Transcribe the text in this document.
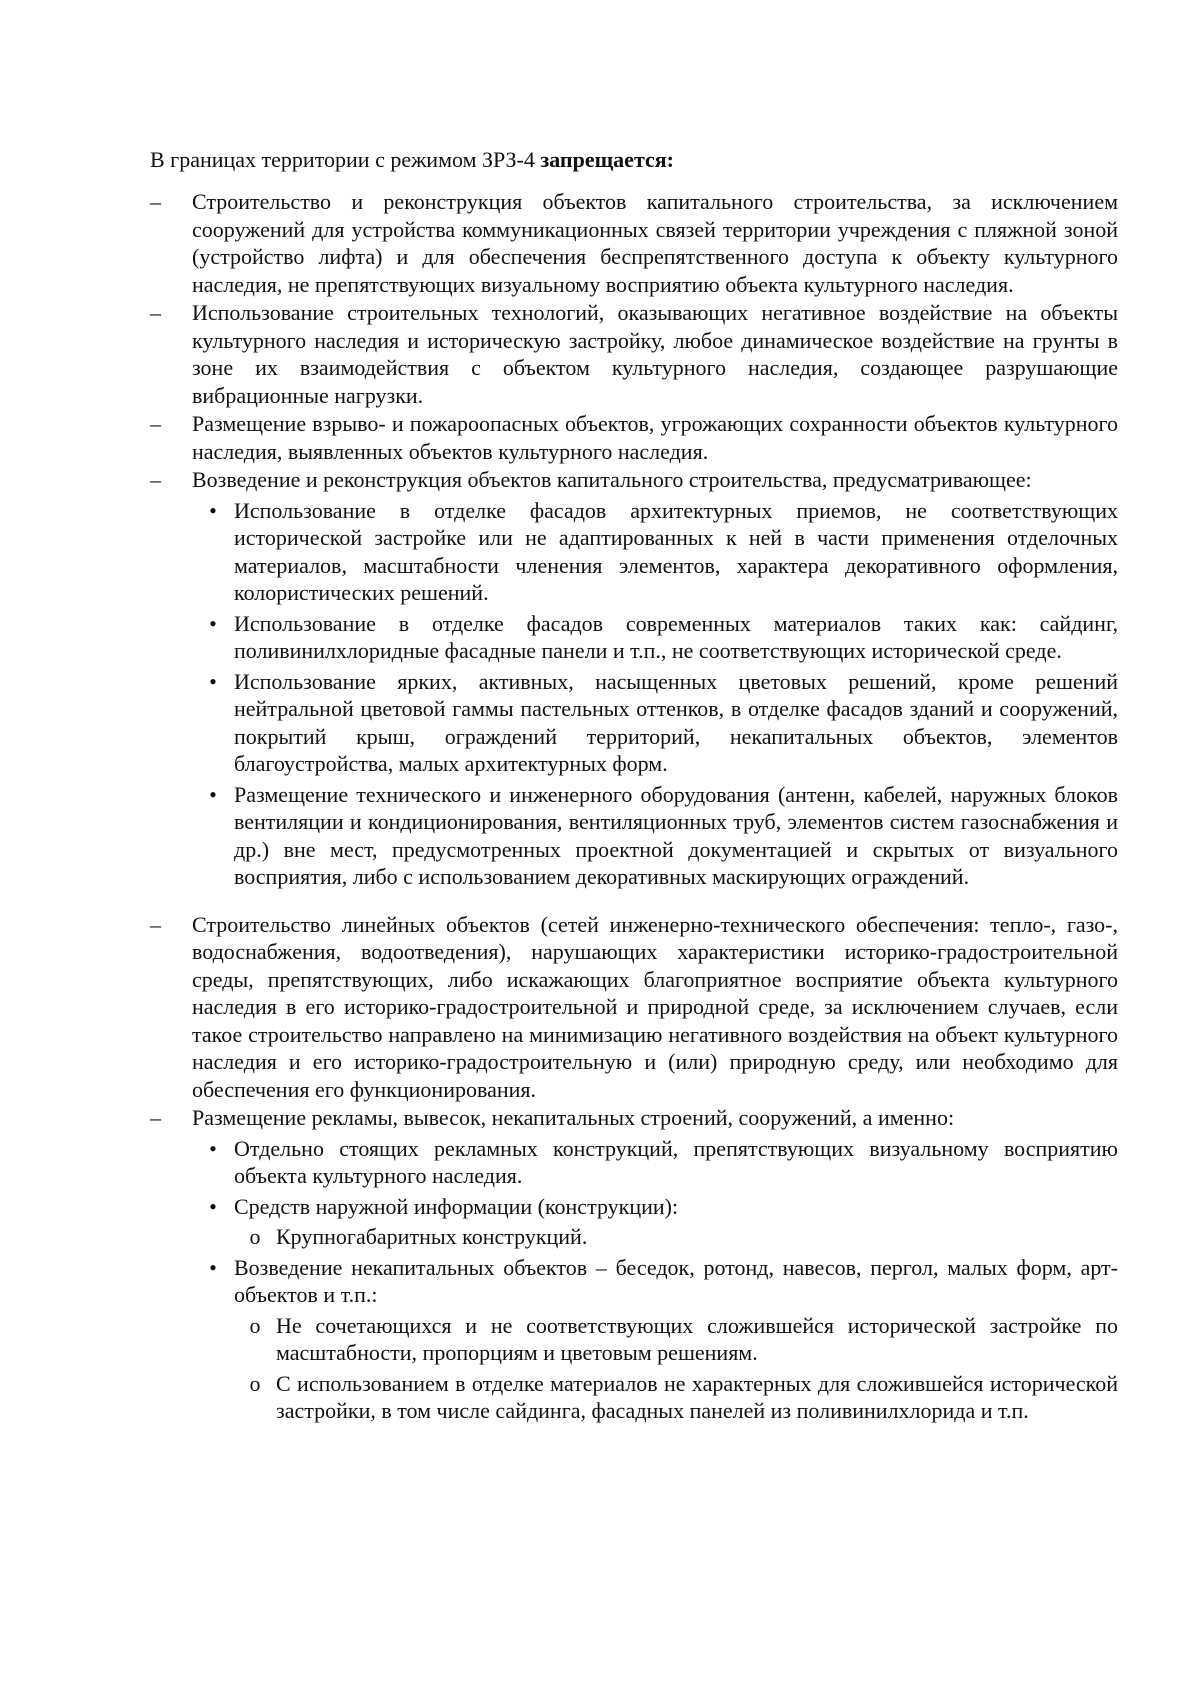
В границах территории с режимом ЗРЗ-4 запрещается:
–	Строительство и реконструкция объектов капитального строительства, за исключением сооружений для устройства коммуникационных связей территории учреждения с пляжной зоной (устройство лифта) и для обеспечения беспрепятственного доступа к объекту культурного наследия, не препятствующих визуальному восприятию объекта культурного наследия.
–	Использование строительных технологий, оказывающих негативное воздействие на объекты культурного наследия и историческую застройку, любое динамическое воздействие на грунты в зоне их взаимодействия с объектом культурного наследия, создающее разрушающие вибрационные нагрузки.
–	Размещение взрыво- и пожароопасных объектов, угрожающих сохранности объектов культурного наследия, выявленных объектов культурного наследия.
–	Возведение и реконструкция объектов капитального строительства, предусматривающее:
• Использование в отделке фасадов архитектурных приемов, не соответствующих исторической застройке или не адаптированных к ней в части применения отделочных материалов, масштабности членения элементов, характера декоративного оформления, колористических решений.
• Использование в отделке фасадов современных материалов таких как: сайдинг, поливинилхлоридные фасадные панели и т.п., не соответствующих исторической среде.
• Использование ярких, активных, насыщенных цветовых решений, кроме решений нейтральной цветовой гаммы пастельных оттенков, в отделке фасадов зданий и сооружений, покрытий крыш, ограждений территорий, некапитальных объектов, элементов благоустройства, малых архитектурных форм.
• Размещение технического и инженерного оборудования (антенн, кабелей, наружных блоков вентиляции и кондиционирования, вентиляционных труб, элементов систем газоснабжения и др.) вне мест, предусмотренных проектной документацией и скрытых от визуального восприятия, либо с использованием декоративных маскирующих ограждений.
–	Строительство линейных объектов (сетей инженерно-технического обеспечения: тепло-, газо-, водоснабжения, водоотведения), нарушающих характеристики историко-градостроительной среды, препятствующих, либо искажающих благоприятное восприятие объекта культурного наследия в его историко-градостроительной и природной среде, за исключением случаев, если такое строительство направлено на минимизацию негативного воздействия на объект культурного наследия и его историко-градостроительную и (или) природную среду, или необходимо для обеспечения его функционирования.
–	Размещение рекламы, вывесок, некапитальных строений, сооружений, а именно:
• Отдельно стоящих рекламных конструкций, препятствующих визуальному восприятию объекта культурного наследия.
• Средств наружной информации (конструкции):
o Крупногабаритных конструкций.
• Возведение некапитальных объектов – беседок, ротонд, навесов, пергол, малых форм, арт-объектов и т.п.:
o Не сочетающихся и не соответствующих сложившейся исторической застройке по масштабности, пропорциям и цветовым решениям.
o С использованием в отделке материалов не характерных для сложившейся исторической застройки, в том числе сайдинга, фасадных панелей из поливинилхлорида и т.п.
